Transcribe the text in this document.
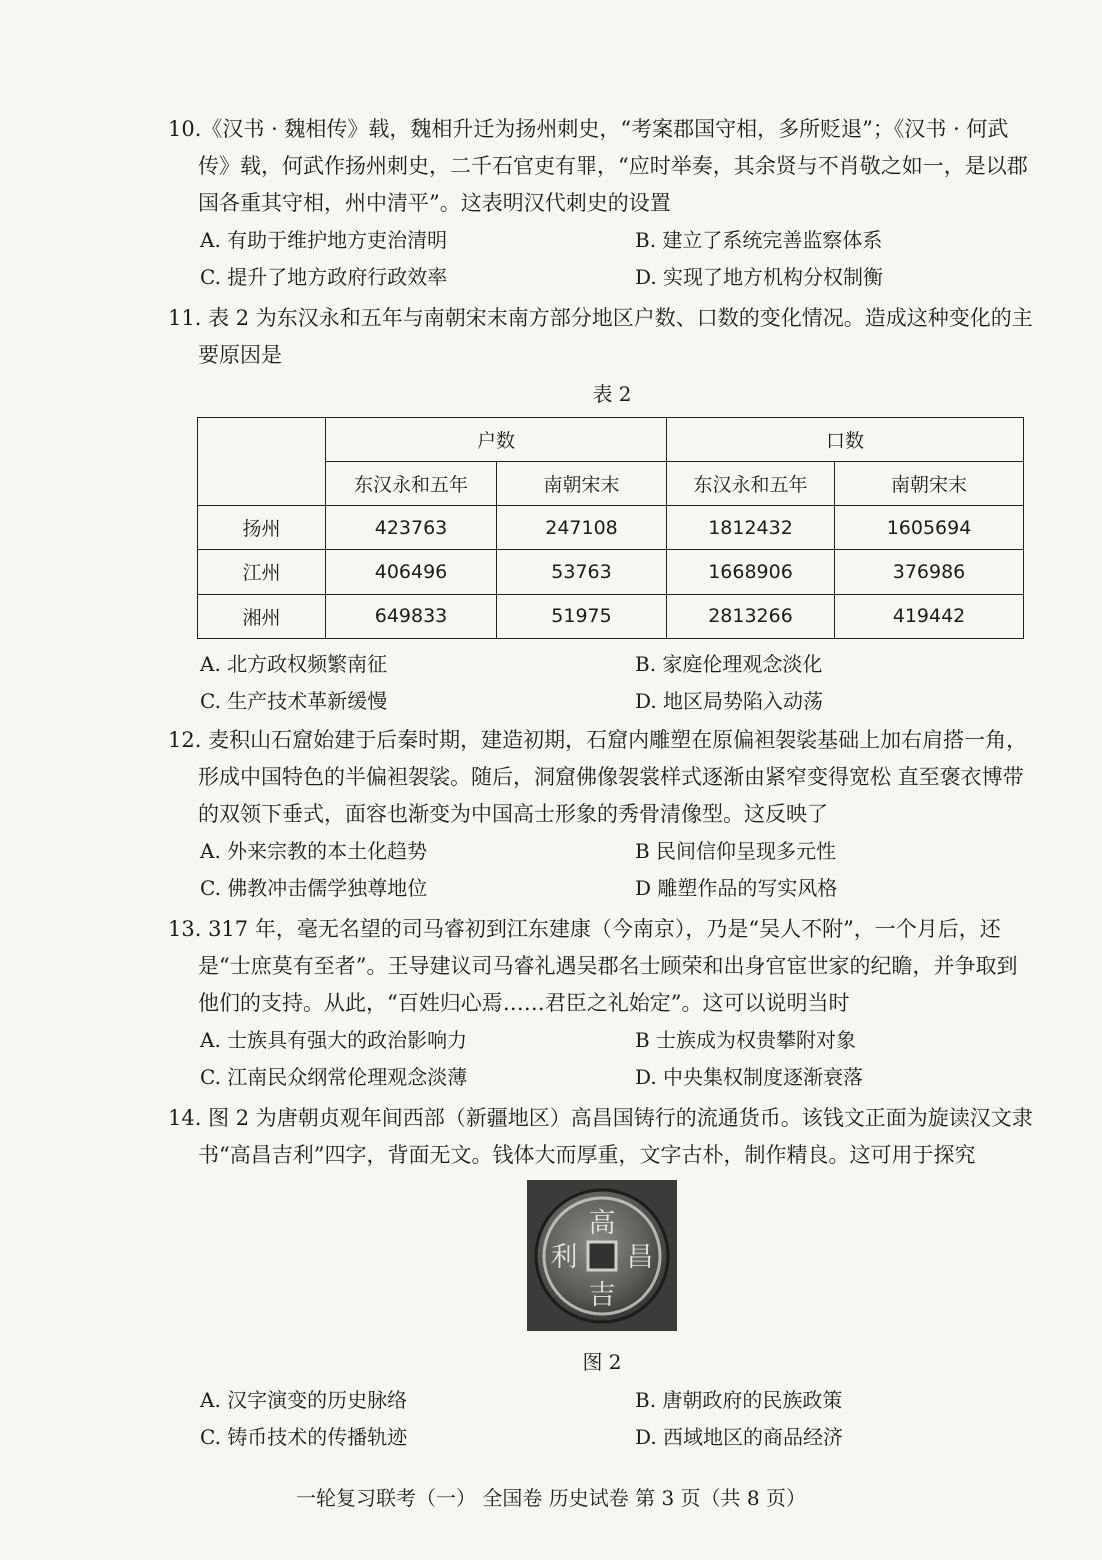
10.《汉书 · 魏相传》载，魏相升迁为扬州刺史，“考案郡国守相，多所贬退”；《汉书 · 何武传》载，何武作扬州刺史，二千石官吏有罪，“应时举奏，其余贤与不肖敬之如一，是以郡国各重其守相，州中清平”。这表明汉代刺史的设置

A. 有助于维护地方吏治清明	B. 建立了系统完善监察体系
C. 提升了地方政府行政效率	D. 实现了地方机构分权制衡

11. 表 2 为东汉永和五年与南朝宋末南方部分地区户数、口数的变化情况。造成这种变化的主要原因是

表 2
	户数		口数	
	东汉永和五年	南朝宋末	东汉永和五年	南朝宋末
扬州	423763	247108	1812432	1605694
江州	406496	53763	1668906	376986
湘州	649833	51975	2813266	419442
A. 北方政权频繁南征	B. 家庭伦理观念淡化
C. 生产技术革新缓慢	D. 地区局势陷入动荡

12. 麦积山石窟始建于后秦时期，建造初期，石窟内雕塑在原偏袒袈裟基础上加右肩搭一角，形成中国特色的半偏袒袈裟。随后，洞窟佛像袈裳样式逐渐由紧窄变得宽松 直至褒衣博带的双领下垂式，面容也渐变为中国高士形象的秀骨清像型。这反映了

A. 外来宗教的本土化趋势	B 民间信仰呈现多元性
C. 佛教冲击儒学独尊地位	D 雕塑作品的写实风格

13. 317 年，毫无名望的司马睿初到江东建康（今南京），乃是“吴人不附”，一个月后，还是“士庶莫有至者”。王导建议司马睿礼遇吴郡名士顾荣和出身官宦世家的纪瞻，并争取到他们的支持。从此，“百姓归心焉……君臣之礼始定”。这可以说明当时

A. 士族具有强大的政治影响力	B 士族成为权贵攀附对象
C. 江南民众纲常伦理观念淡薄	D. 中央集权制度逐渐衰落

14. 图 2 为唐朝贞观年间西部（新疆地区）高昌国铸行的流通货币。该钱文正面为旋读汉文隶书“高昌吉利”四字，背面无文。钱体大而厚重，文字古朴，制作精良。这可用于探究

高
昌
吉
利
图 2
A. 汉字演变的历史脉络	B. 唐朝政府的民族政策
C. 铸币技术的传播轨迹	D. 西域地区的商品经济
一轮复习联考（一） 全国卷 历史试卷 第 3 页（共 8 页）
